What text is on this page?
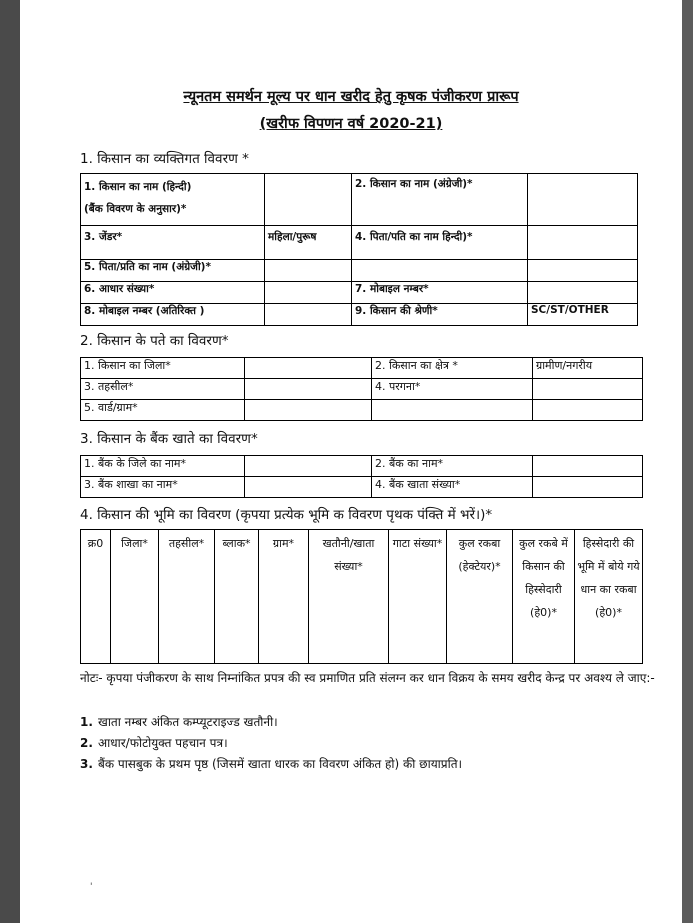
न्यूनतम समर्थन मूल्य पर धान खरीद हेतु कृषक पंजीकरण प्रारूप

(खरीफ विपणन वर्ष 2020-21)

1. किसान का व्यक्तिगत विवरण *
1. किसान का नाम (हिन्दी)
(बैंक विवरण के अनुसार)*		2. किसान का नाम (अंग्रेजी)*	

3. जेंडर*	महिला/पुरूष	4. पिता/पति का नाम हिन्दी)*	

5. पिता/प्रति का नाम (अंग्रेजी)*			
6. आधार संख्या*		7. मोबाइल नम्बर*	
8. मोबाइल नम्बर (अतिरिक्त )		9. किसान की श्रेणी*	SC/ST/OTHER
2. किसान के पते का विवरण*
1. किसान का जिला*		2. किसान का क्षेत्र *	ग्रामीण/नगरीय
3. तहसील*		4. परगना*	
5. वार्ड/ग्राम*			
3. किसान के बैंक खाते का विवरण*
1. बैंक के जिले का नाम*		2. बैंक का नाम*	
3. बैंक शाखा का नाम*		4. बैंक खाता संख्या*	
4. किसान की भूमि का विवरण (कृपया प्रत्येक भूमि क विवरण पृथक पंक्ति में भरें।)*
क्र0	जिला*	तहसील*	ब्लाक*	ग्राम*	खतौनी/खाता संख्या*	गाटा संख्या*	कुल रकबा (हेक्टेयर)*	कुल रकबे में किसान की हिस्सेदारी (हे0)*	हिस्सेदारी की भूमि में बोये गये धान का रकबा (हे0)*
नोटः- कृपया पंजीकरण के साथ निम्नांकित प्रपत्र की स्व प्रमाणित प्रति संलग्न कर धान विक्रय के समय खरीद केन्द्र पर अवश्य ले जाए:-
1. खाता नम्बर अंकित कम्प्यूटराइज्ड खतौनी।
2. आधार/फोटोयुक्त पहचान पत्र।
3. बैंक पासबुक के प्रथम पृष्ठ (जिसमें खाता धारक का विवरण अंकित हो) की छायाप्रति।
'
